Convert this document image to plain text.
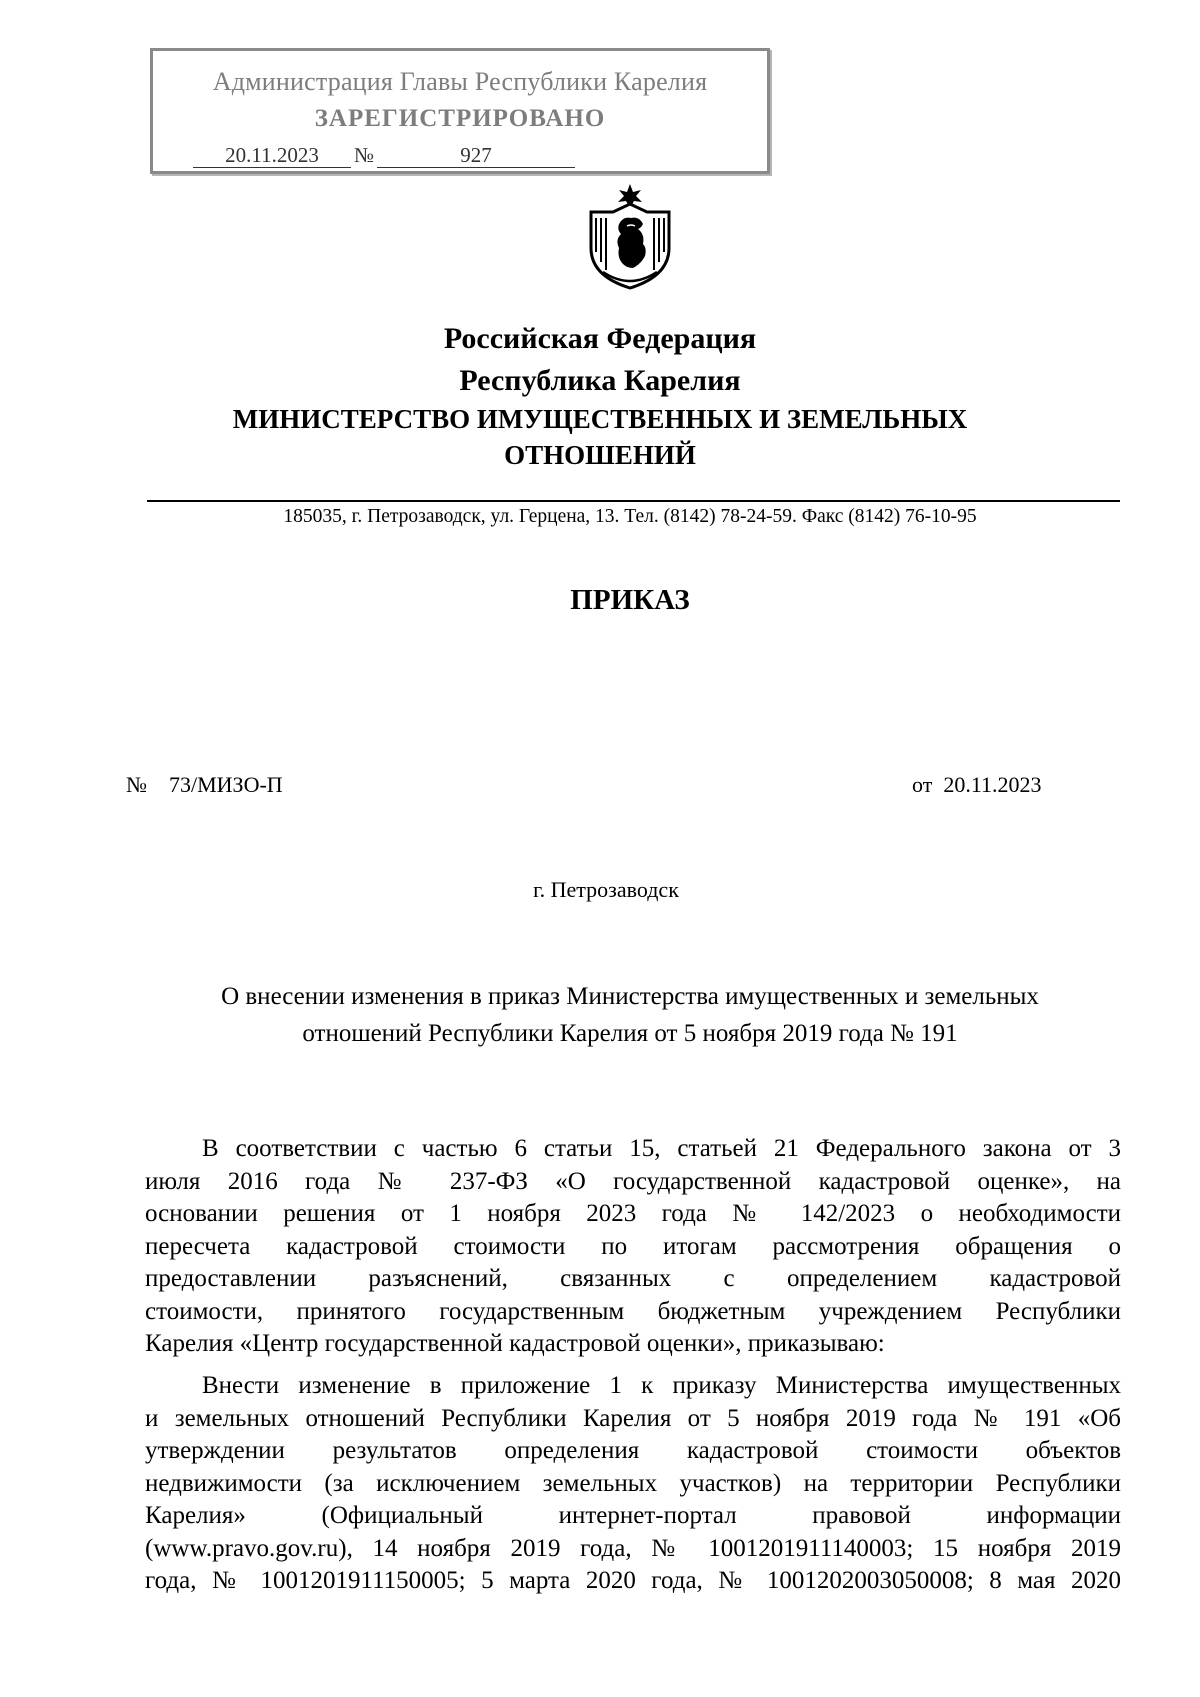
Администрация Главы Республики Карелия
ЗАРЕГИСТРИРОВАНО
20.11.2023 №	927
Российская Федерация
Республика Карелия
МИНИСТЕРСТВО ИМУЩЕСТВЕННЫХ И ЗЕМЕЛЬНЫХ
ОТНОШЕНИЙ
185035, г. Петрозаводск, ул. Герцена, 13. Тел. (8142) 78-24-59. Факс (8142) 76-10-95
ПРИКАЗ
№ 73/МИЗО-П	от 20.11.2023
г. Петрозаводск
О внесении изменения в приказ Министерства имущественных и земельных
отношений Республики Карелия от 5 ноября 2019 года № 191
В соответствии с частью 6 статьи 15, статьей 21 Федерального закона от 3
июля 2016 года № 237-ФЗ «О государственной кадастровой оценке», на
основании решения от 1 ноября 2023 года № 142/2023 о необходимости
пересчета кадастровой стоимости по итогам рассмотрения обращения о
предоставлении разъяснений, связанных с определением кадастровой
стоимости, принятого государственным бюджетным учреждением Республики
Карелия «Центр государственной кадастровой оценки», приказываю:
Внести изменение в приложение 1 к приказу Министерства имущественных
и земельных отношений Республики Карелия от 5 ноября 2019 года № 191 «Об
утверждении результатов определения кадастровой стоимости объектов
недвижимости (за исключением земельных участков) на территории Республики
Карелия» (Официальный интернет-портал правовой информации
(www.pravo.gov.ru), 14 ноября 2019 года, № 1001201911140003; 15 ноября 2019
года, № 1001201911150005; 5 марта 2020 года, № 1001202003050008; 8 мая 2020
